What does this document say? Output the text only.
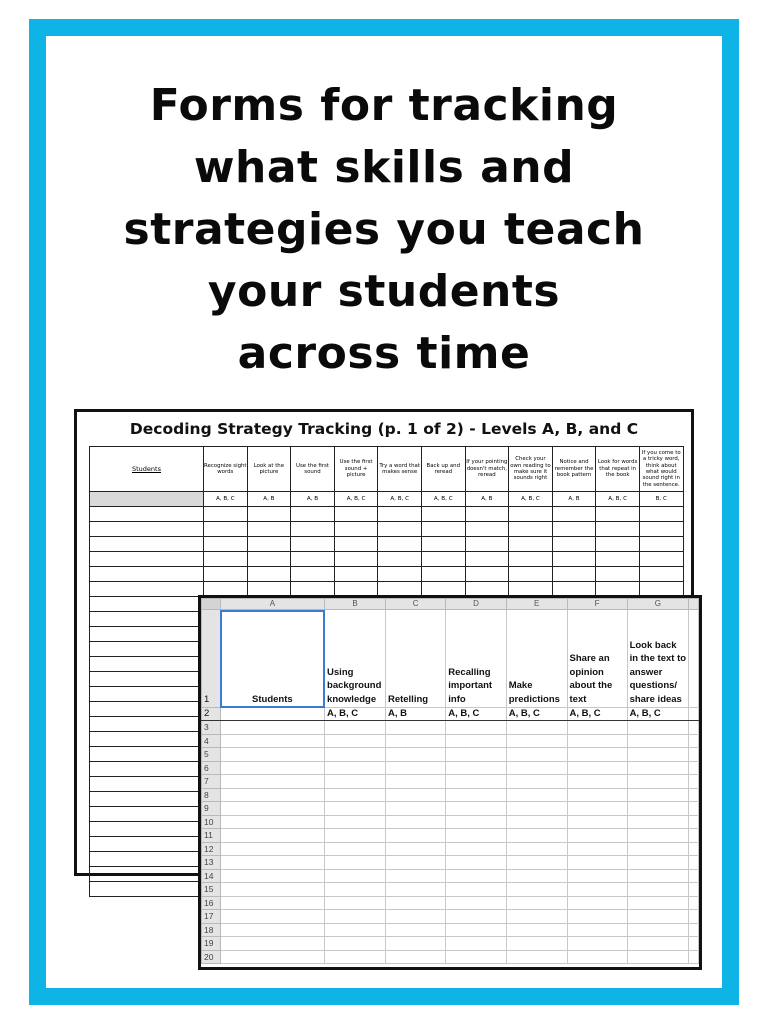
Forms for tracking
what skills and
strategies you teach
your students
across time
Decoding Strategy Tracking (p. 1 of 2) - Levels A, B, and C
Students	Recognize sight words	Look at the picture	Use the first sound	Use the first sound + picture	Try a word that makes sense	Back up and reread	If your pointing doesn't match, reread	Check your own reading to make sure it sounds right	Notice and remember the book pattern	Look for words that repeat in the book	If you come to a tricky word, think about what would sound right in the sentence.
	A, B, C	A, B	A, B	A, B, C	A, B, C	A, B, C	A, B	A, B, C	A, B	A, B, C	B, C

	A	B	C	D	E	F	G	
1	Students	Using background knowledge	Retelling	Recalling important info	Make predictions	Share an opinion about the text	Look back in the text to answer questions/ share ideas	
2		A, B, C	A, B	A, B, C	A, B, C	A, B, C	A, B, C	
3								
4								
5								
6								
7								
8								
9								
10								
11								
12								
13								
14								
15								
16								
17								
18								
19								
20								
